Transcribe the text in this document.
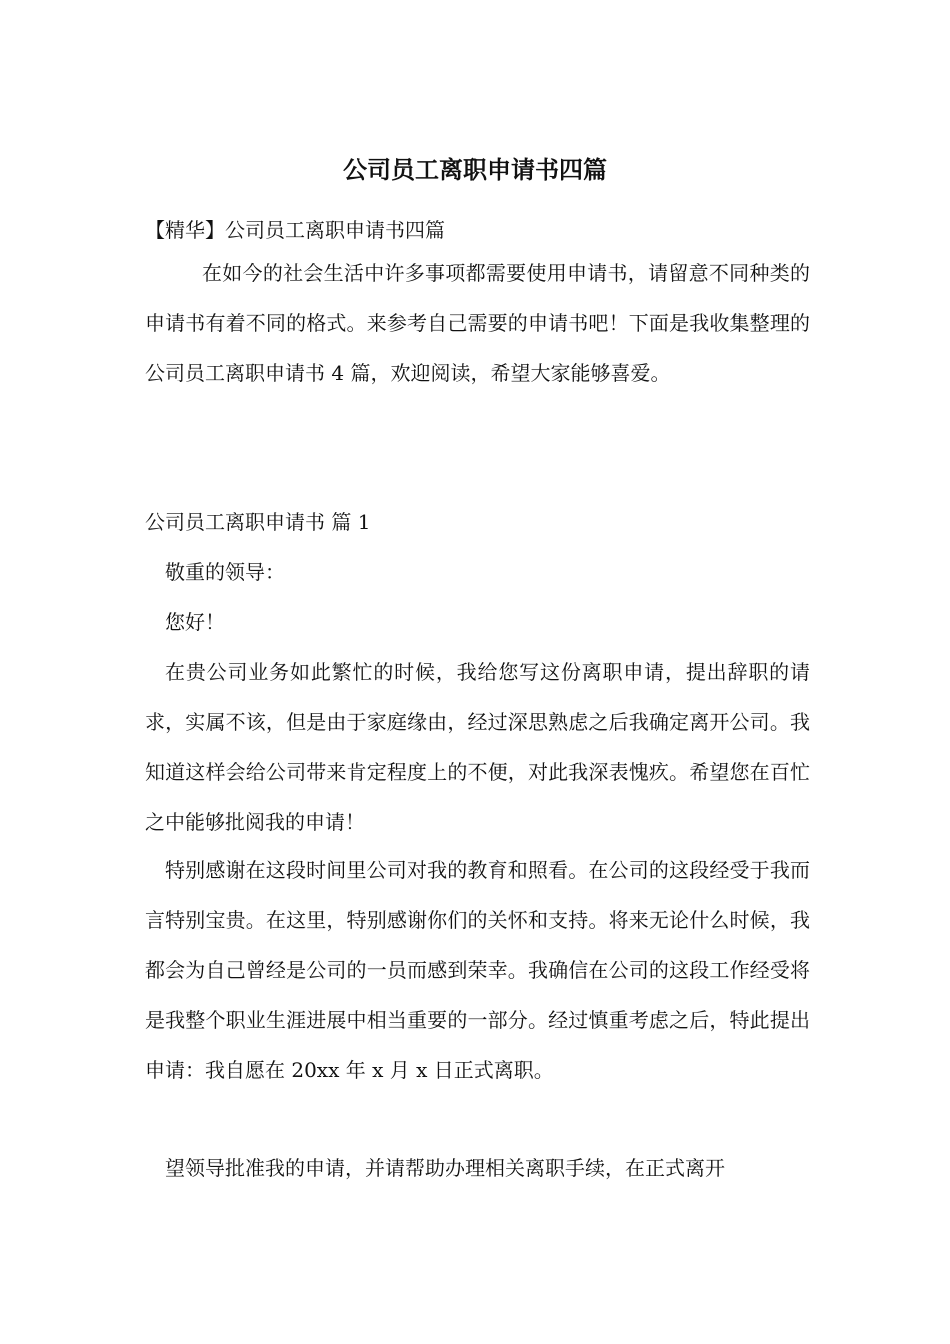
公司员工离职申请书四篇
【精华】公司员工离职申请书四篇
在如今的社会生活中许多事项都需要使用申请书，请留意不同种类的申请书有着不同的格式。来参考自己需要的申请书吧！下面是我收集整理的公司员工离职申请书 4 篇，欢迎阅读，希望大家能够喜爱。
公司员工离职申请书 篇 1
敬重的领导：
您好！
在贵公司业务如此繁忙的时候，我给您写这份离职申请，提出辞职的请求，实属不该，但是由于家庭缘由，经过深思熟虑之后我确定离开公司。我知道这样会给公司带来肯定程度上的不便，对此我深表愧疚。希望您在百忙之中能够批阅我的申请！
特别感谢在这段时间里公司对我的教育和照看。在公司的这段经受于我而言特别宝贵。在这里，特别感谢你们的关怀和支持。将来无论什么时候，我都会为自己曾经是公司的一员而感到荣幸。我确信在公司的这段工作经受将是我整个职业生涯进展中相当重要的一部分。经过慎重考虑之后，特此提出申请：我自愿在 20xx 年 x 月 x 日正式离职。
望领导批准我的申请，并请帮助办理相关离职手续，在正式离开
